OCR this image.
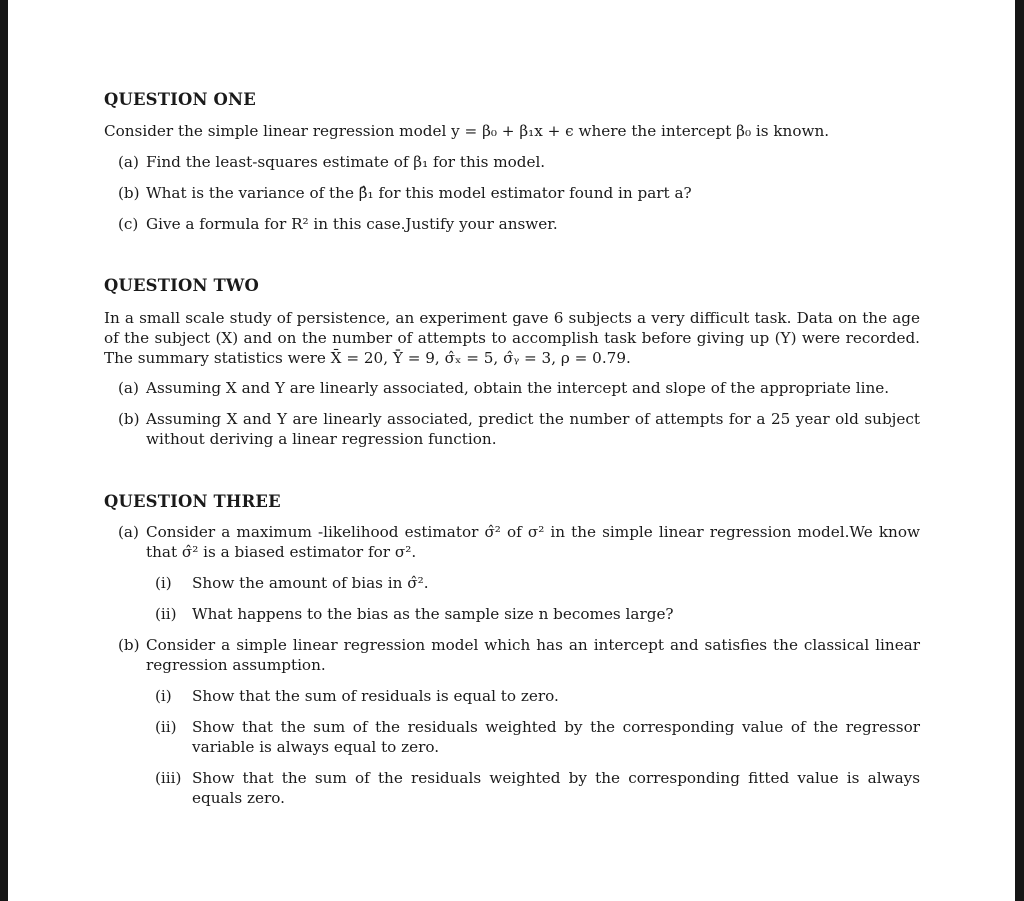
QUESTION ONE

Consider the simple linear regression model y = β₀ + β₁x + ϵ where the intercept β₀ is known.

(a) Find the least-squares estimate of β₁ for this model.
(b) What is the variance of the β̂₁ for this model estimator found in part a?
(c) Give a formula for R² in this case.Justify your answer.
QUESTION TWO

In a small scale study of persistence, an experiment gave 6 subjects a very difficult task. Data on the age of the subject (X) and on the number of attempts to accomplish task before giving up (Y) were recorded. The summary statistics were X̄ = 20, Ȳ = 9, σ̂ₓ = 5, σ̂ᵧ = 3, ρ = 0.79.

(a) Assuming X and Y are linearly associated, obtain the intercept and slope of the appropriate line.
(b) Assuming X and Y are linearly associated, predict the number of attempts for a 25 year old subject without deriving a linear regression function.
QUESTION THREE
(a) Consider a maximum -likelihood estimator σ̂² of σ² in the simple linear regression model.We know that σ̂² is a biased estimator for σ².
(i)	Show the amount of bias in σ̂².
(ii)	What happens to the bias as the sample size n becomes large?
(b) Consider a simple linear regression model which has an intercept and satisfies the classical linear regression assumption.
(i)	Show that the sum of residuals is equal to zero.
(ii)	Show that the sum of the residuals weighted by the corresponding value of the regressor variable is always equal to zero.
(iii) Show that the sum of the residuals weighted by the corresponding fitted value is always equals zero.
